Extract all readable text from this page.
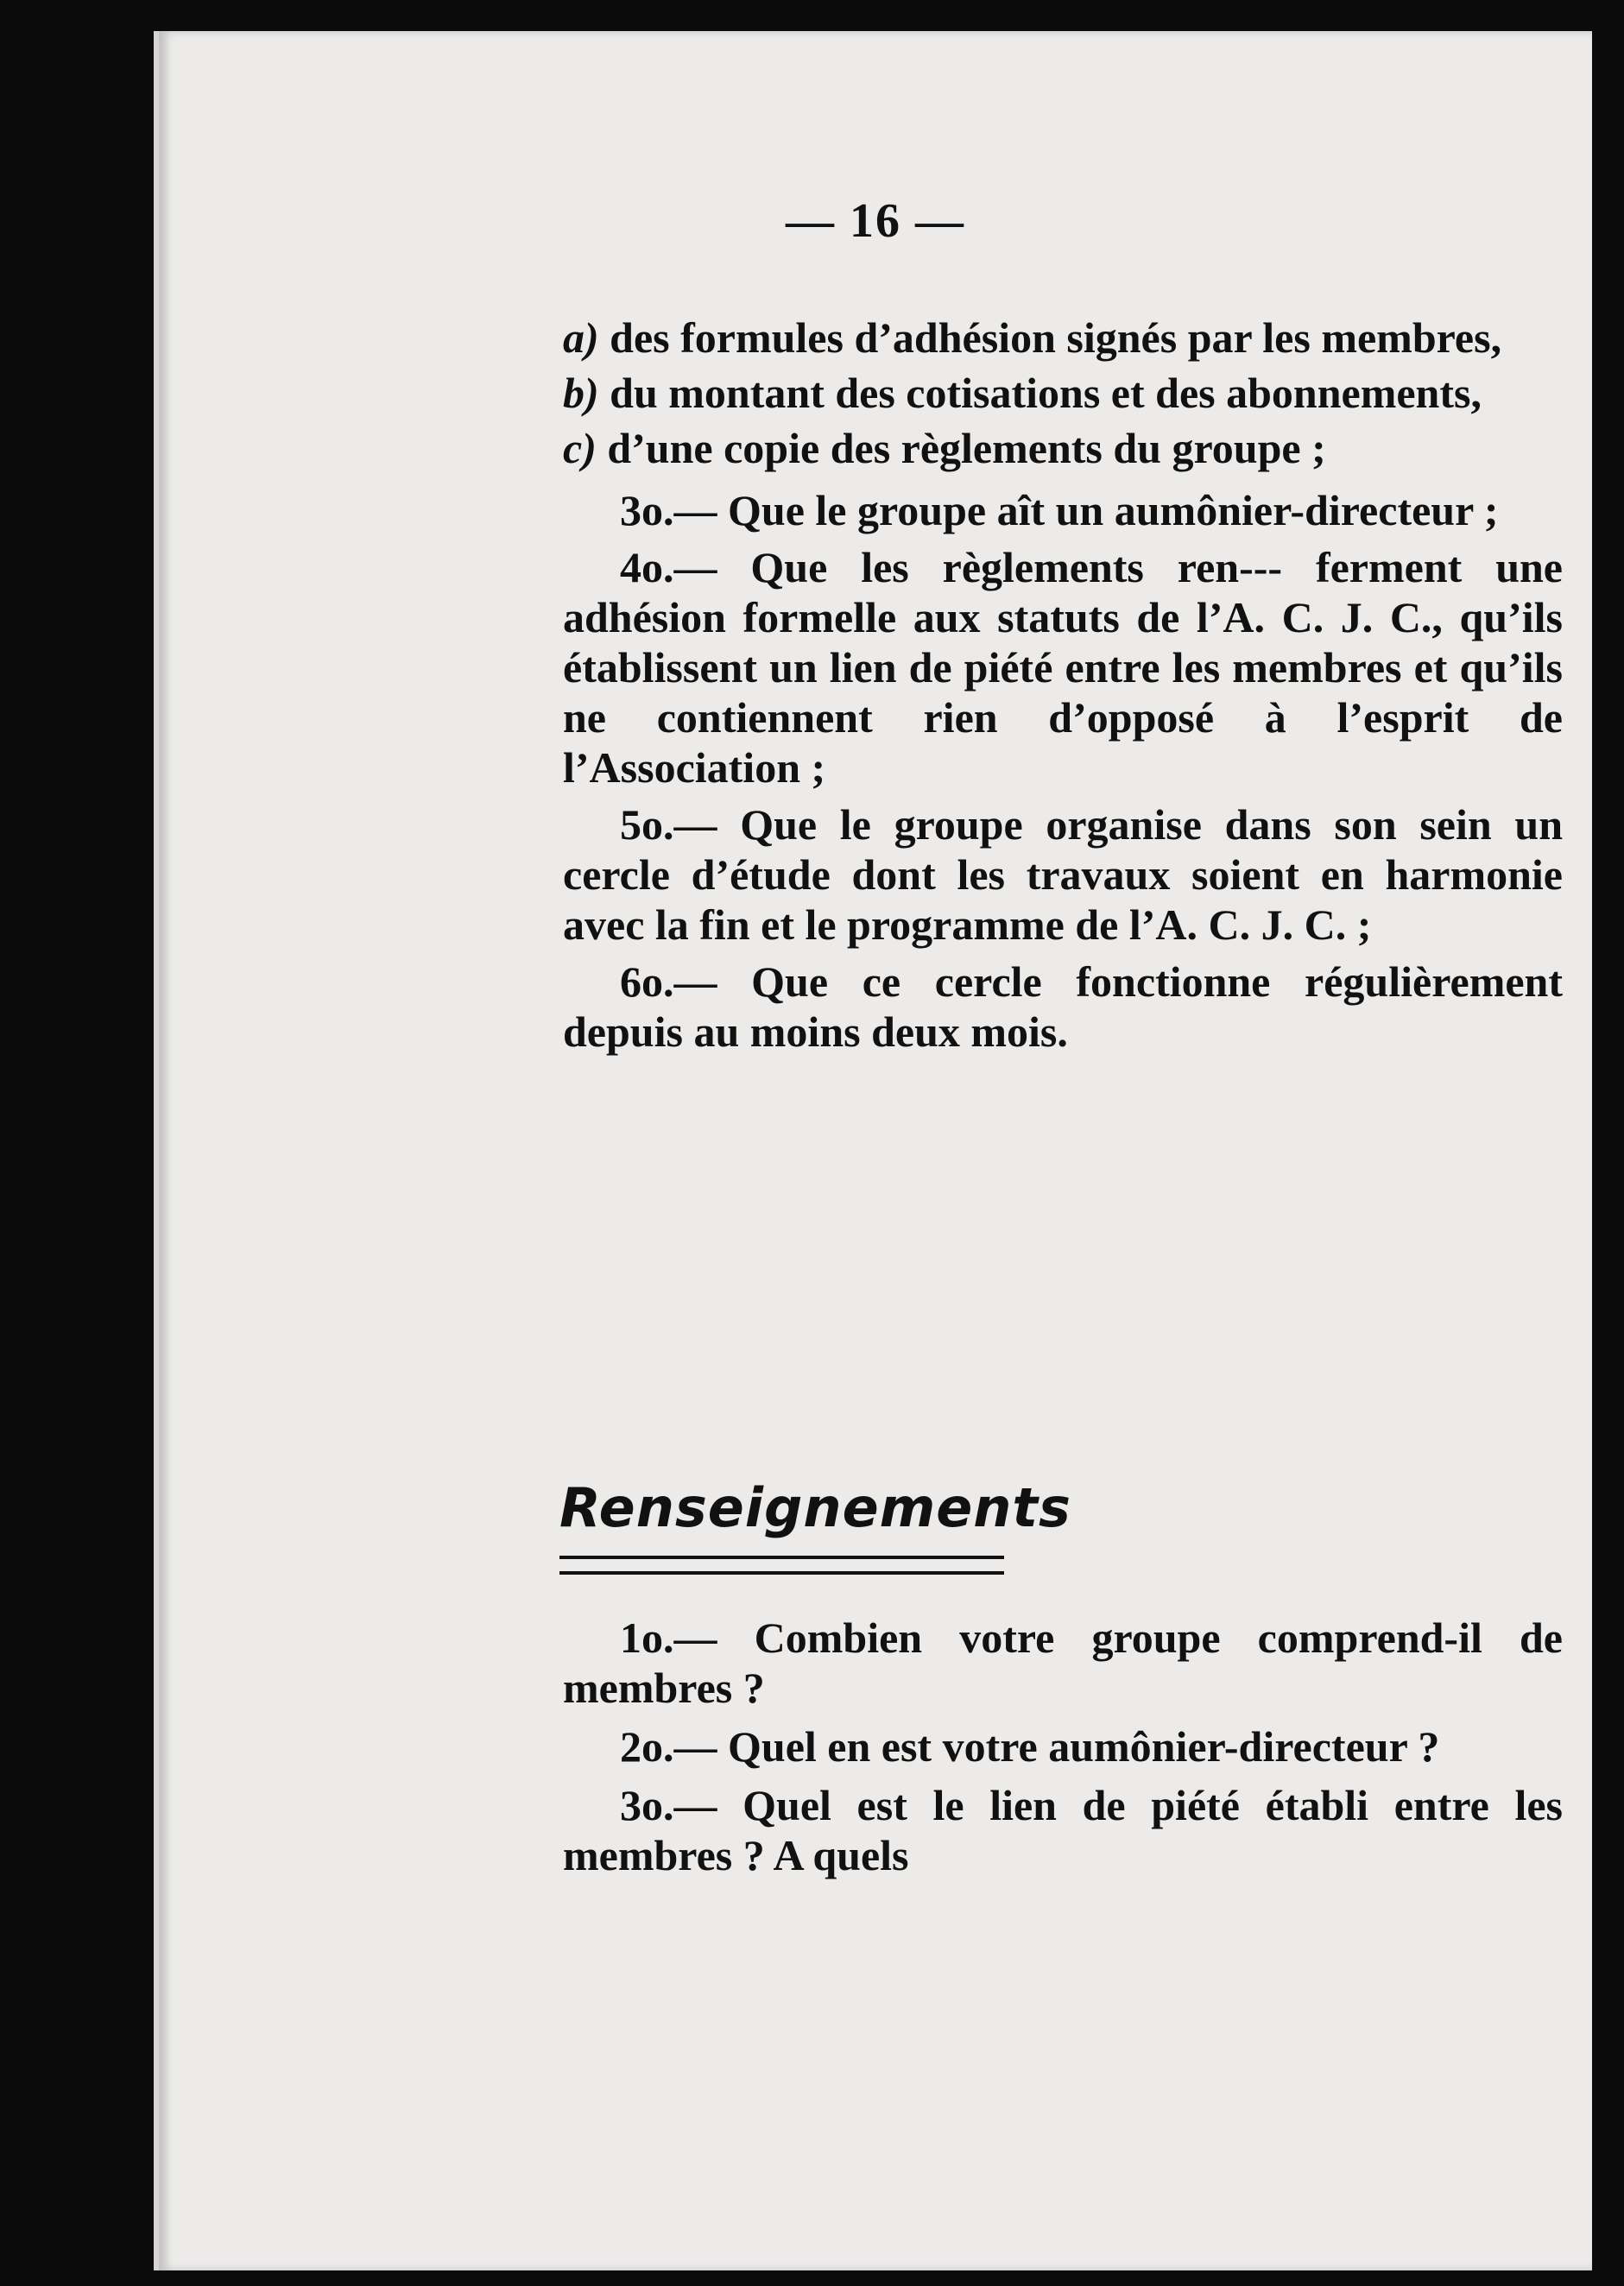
— 16 —

a) des formules d’adhésion signés par les membres,

b) du montant des cotisations et des abonnements,

c) d’une copie des règlements du groupe ;

3o.— Que le groupe aît un aumônier-directeur ;

4o.— Que les règlements ren--- ferment une adhésion formelle aux statuts de l’A. C. J. C., qu’ils établissent un lien de piété entre les membres et qu’ils ne contiennent rien d’opposé à l’esprit de l’Association ;

5o.— Que le groupe organise dans son sein un cercle d’étude dont les travaux soient en harmonie avec la fin et le programme de l’A. C. J. C. ;

6o.— Que ce cercle fonctionne régulièrement depuis au moins deux mois.

Renseignements

1o.— Combien votre groupe comprend-il de membres ?

2o.— Quel en est votre aumônier-directeur ?

3o.— Quel est le lien de piété établi entre les membres ? A quels
